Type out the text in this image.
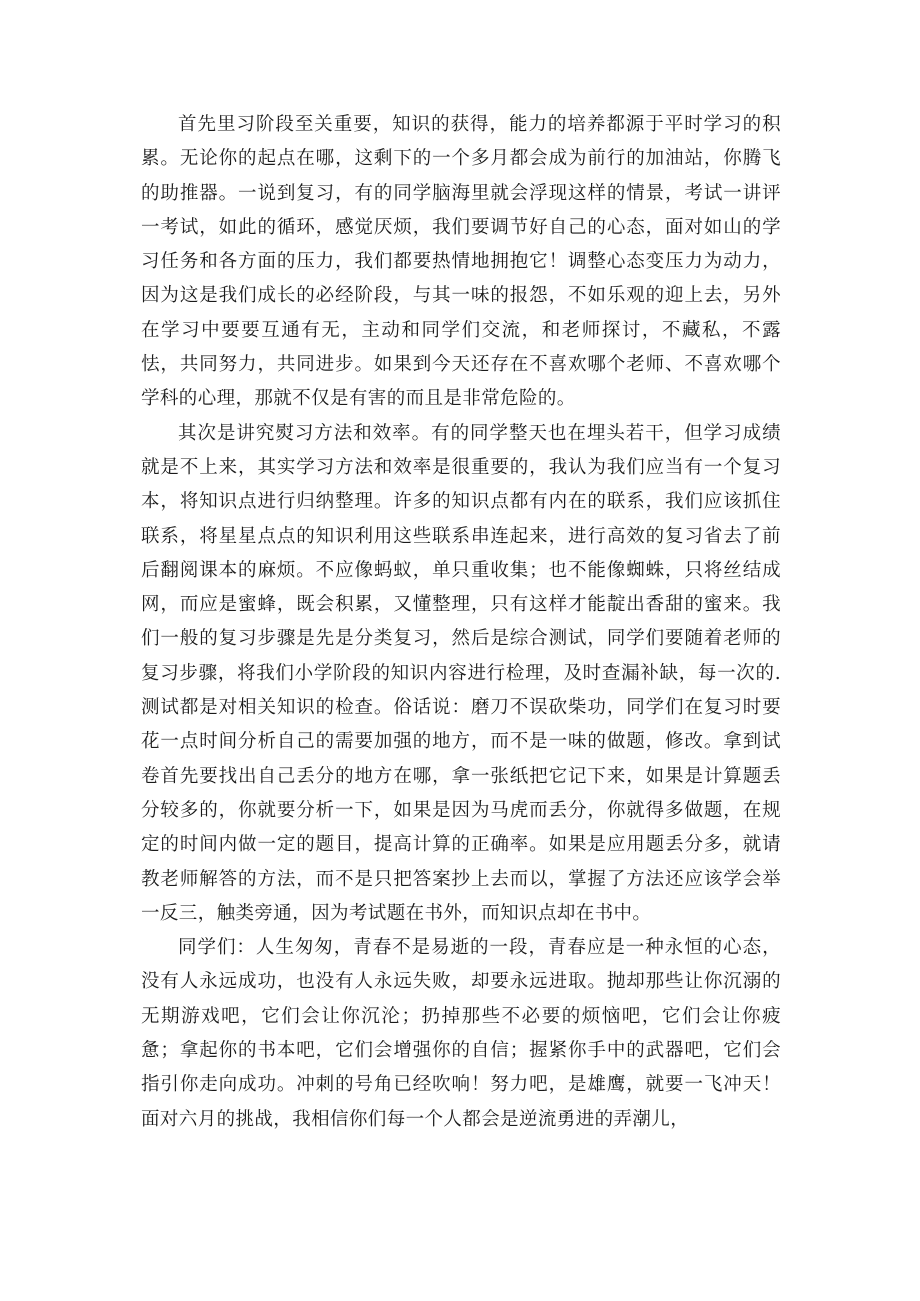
首先里习阶段至关重要，知识的获得，能力的培养都源于平时学习的积累。无论你的起点在哪，这剩下的一个多月都会成为前行的加油站，你腾飞的助推器。一说到复习，有的同学脑海里就会浮现这样的情景，考试一讲评一考试，如此的循环，感觉厌烦，我们要调节好自己的心态，面对如山的学习任务和各方面的压力，我们都要热情地拥抱它！调整心态变压力为动力，因为这是我们成长的必经阶段，与其一味的报怨，不如乐观的迎上去，另外在学习中要要互通有无，主动和同学们交流，和老师探讨，不藏私，不露怯，共同努力，共同进步。如果到今天还存在不喜欢哪个老师、不喜欢哪个学科的心理，那就不仅是有害的而且是非常危险的。

其次是讲究熨习方法和效率。有的同学整天也在埋头若干，但学习成绩就是不上来，其实学习方法和效率是很重要的，我认为我们应当有一个复习本，将知识点进行归纳整理。许多的知识点都有内在的联系，我们应该抓住联系，将星星点点的知识利用这些联系串连起来，进行高效的复习省去了前后翻阅课本的麻烦。不应像蚂蚁，单只重收集；也不能像蜘蛛，只将丝结成网，而应是蜜蜂，既会积累，又懂整理，只有这样才能靛出香甜的蜜来。我们一般的复习步骤是先是分类复习，然后是综合测试，同学们要随着老师的复习步骤，将我们小学阶段的知识内容进行检理，及时查漏补缺，每一次的.测试都是对相关知识的检查。俗话说：磨刀不误砍柴功，同学们在复习时要花一点时间分析自己的需要加强的地方，而不是一味的做题，修改。拿到试卷首先要找出自己丢分的地方在哪，拿一张纸把它记下来，如果是计算题丢分较多的，你就要分析一下，如果是因为马虎而丢分，你就得多做题，在规定的时间内做一定的题目，提高计算的正确率。如果是应用题丢分多，就请教老师解答的方法，而不是只把答案抄上去而以，掌握了方法还应该学会举一反三，触类旁通，因为考试题在书外，而知识点却在书中。

同学们：人生匆匆，青春不是易逝的一段，青春应是一种永恒的心态，没有人永远成功，也没有人永远失败，却要永远进取。抛却那些让你沉溺的无期游戏吧，它们会让你沉沦；扔掉那些不必要的烦恼吧，它们会让你疲惫；拿起你的书本吧，它们会增强你的自信；握紧你手中的武器吧，它们会指引你走向成功。冲刺的号角已经吹响！努力吧，是雄鹰，就要一飞冲天！面对六月的挑战，我相信你们每一个人都会是逆流勇进的弄潮儿，
